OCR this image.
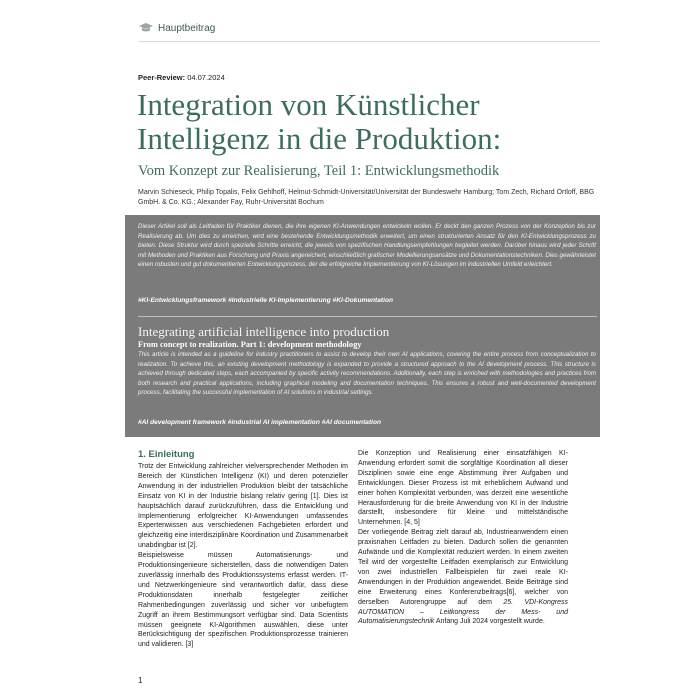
Hauptbeitrag
Peer-Review: 04.07.2024
Integration von Künstlicher Intelligenz in die Produktion:
Vom Konzept zur Realisierung, Teil 1: Entwicklungsmethodik
Marvin Schieseck, Philip Topalis, Felix Gehlhoff, Helmut-Schmidt-Universität/Universität der Bundeswehr Hamburg; Tom Zech, Richard Ortloff, BBG GmbH. & Co. KG.; Alexander Fay, Ruhr-Universität Bochum
Dieser Artikel soll als Leitfaden für Praktiker dienen, die ihre eigenen KI-Anwendungen entwickeln wollen. Er deckt den ganzen Prozess von der Konzeption bis zur Realisierung ab. Um dies zu erreichen, wird eine bestehende Entwicklungsmethodik erweitert, um einen strukturierten Ansatz für den KI-Entwicklungsprozess zu bieten. Diese Struktur wird durch spezielle Schritte erreicht, die jeweils von spezifischen Handlungsempfehlungen begleitet werden. Darüber hinaus wird jeder Schritt mit Methoden und Praktiken aus Forschung und Praxis angereichert, einschließlich grafischer Modellierungsansätze und Dokumentationstechniken. Dies gewährleistet einen robusten und gut dokumentierten Entwicklungsprozess, der die erfolgreiche Implementierung von KI-Lösungen im industriellen Umfeld erleichtert.
#KI-Entwicklungsframework #Industrielle KI-Implementierung #KI-Dokumentation
Integrating artificial intelligence into production
From concept to realization. Part 1: development methodology
This article is intended as a guideline for industry practitioners to assist to develop their own AI applications, covering the entire process from conceptualization to realization. To achieve this, an existing development methodology is expanded to provide a structured approach to the AI development process. This structure is achieved through dedicated steps, each accompanied by specific activity recommendations. Additionally, each step is enriched with methodologies and practices from both research and practical applications, including graphical modeling and documentation techniques. This ensures a robust and well-documented development process, facilitating the successful implementation of AI solutions in industrial settings.
#AI development framework #industrial AI implementation #AI documentation
1. Einleitung

Trotz der Entwicklung zahlreicher vielversprechender Methoden im Bereich der Künstlichen Intelligenz (KI) und deren potenzieller Anwendung in der industriellen Produktion bleibt der tatsächliche Einsatz von KI in der Industrie bislang relativ gering [1]. Dies ist hauptsächlich darauf zurückzuführen, dass die Entwicklung und Implementierung erfolgreicher KI-Anwendungen umfassendes Expertenwissen aus verschiedenen Fachgebieten erfordert und gleichzeitig eine interdisziplinäre Koordination und Zusammenarbeit unabdingbar ist [2].

Beispielsweise müssen Automatisierungs- und Produktionsingenieure sicherstellen, dass die notwendigen Daten zuverlässig innerhalb des Produktionssystems erfasst werden. IT- und Netzwerkingenieure sind verantwortlich dafür, dass diese Produktionsdaten innerhalb festgelegter zeitlicher Rahmenbedingungen zuverlässig und sicher vor unbefugtem Zugriff an ihrem Bestimmungsort verfügbar sind. Data Scientists müssen geeignete KI-Algorithmen auswählen, diese unter Berücksichtigung der spezifischen Produktionsprozesse trainieren und validieren. [3]

Die Konzeption und Realisierung einer einsatzfähigen KI-Anwendung erfordert somit die sorgfältige Koordination all dieser Disziplinen sowie eine enge Abstimmung ihrer Aufgaben und Entwicklungen. Dieser Prozess ist mit erheblichem Aufwand und einer hohen Komplexität verbunden, was derzeit eine wesentliche Herausforderung für die breite Anwendung von KI in der Industrie darstellt, insbesondere für kleine und mittelständische Unternehmen. [4, 5]

Der vorliegende Beitrag zielt darauf ab, Industrieanwendern einen praxisnahen Leitfaden zu bieten. Dadurch sollen die genannten Aufwände und die Komplexität reduziert werden. In einem zweiten Teil wird der vorgestellte Leitfaden exemplarisch zur Entwicklung von zwei industriellen Fallbeispielen für zwei reale KI-Anwendungen in der Produktion angewendet. Beide Beiträge sind eine Erweiterung eines Konferenzbeitrags[6], welcher von derselben Autorengruppe auf dem 25. VDI-Kongress AUTOMATION – Leitkongress der Mess- und Automatisierungstechnik Anfang Juli 2024 vorgestellt wurde.

1
